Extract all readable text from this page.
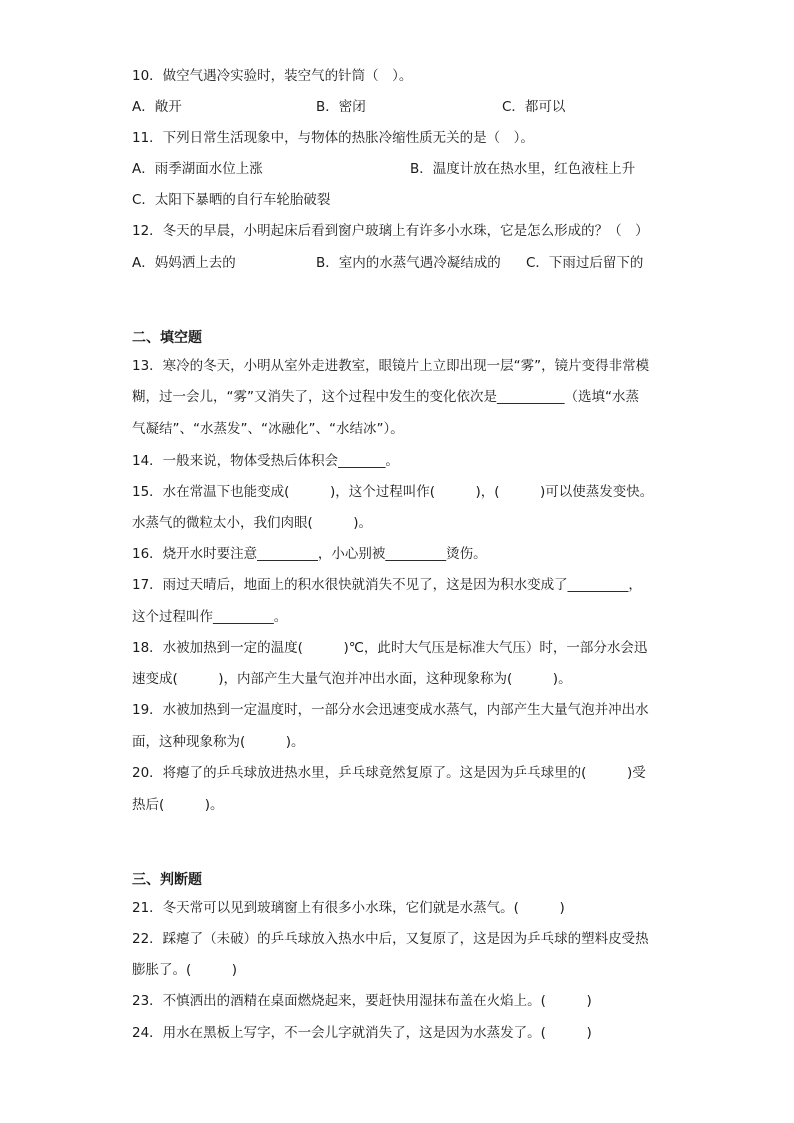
10．做空气遇冷实验时，装空气的针筒（　）。
A．敞开	B．密闭	C．都可以
11．下列日常生活现象中，与物体的热胀冷缩性质无关的是（　）。
A．雨季湖面水位上涨	B．温度计放在热水里，红色液柱上升
C．太阳下暴晒的自行车轮胎破裂
12．冬天的早晨，小明起床后看到窗户玻璃上有许多小水珠，它是怎么形成的？（　）
A．妈妈洒上去的	B．室内的水蒸气遇冷凝结成的 C．下雨过后留下的
二、填空题
13．寒冷的冬天，小明从室外走进教室，眼镜片上立即出现一层“雾”，镜片变得非常模
糊，过一会儿，“雾”又消失了，这个过程中发生的变化依次是__________（选填“水蒸
气凝结”、“水蒸发”、“冰融化”、“水结冰”）。
14．一般来说，物体受热后体积会_______。
15．水在常温下也能变成(　　　)，这个过程叫作(　　　)，(　　　)可以使蒸发变快。
水蒸气的微粒太小，我们肉眼(　　　)。
16．烧开水时要注意_________，小心别被_________烫伤。
17．雨过天晴后，地面上的积水很快就消失不见了，这是因为积水变成了_________，
这个过程叫作_________。
18．水被加热到一定的温度(　　　)℃，此时大气压是标准大气压）时，一部分水会迅
速变成(　　　)，内部产生大量气泡并冲出水面，这种现象称为(　　　)。
19．水被加热到一定温度时，一部分水会迅速变成水蒸气，内部产生大量气泡并冲出水
面，这种现象称为(　　　)。
20．将瘪了的乒乓球放进热水里，乒乓球竟然复原了。这是因为乒乓球里的(　　　)受
热后(　　　)。
三、判断题
21．冬天常可以见到玻璃窗上有很多小水珠，它们就是水蒸气。(　　　)
22．踩瘪了（未破）的乒乓球放入热水中后，又复原了，这是因为乒乓球的塑料皮受热
膨胀了。(　　　)
23．不慎洒出的酒精在桌面燃烧起来，要赶快用湿抹布盖在火焰上。(　　　)
24．用水在黑板上写字，不一会儿字就消失了，这是因为水蒸发了。(　　　)
